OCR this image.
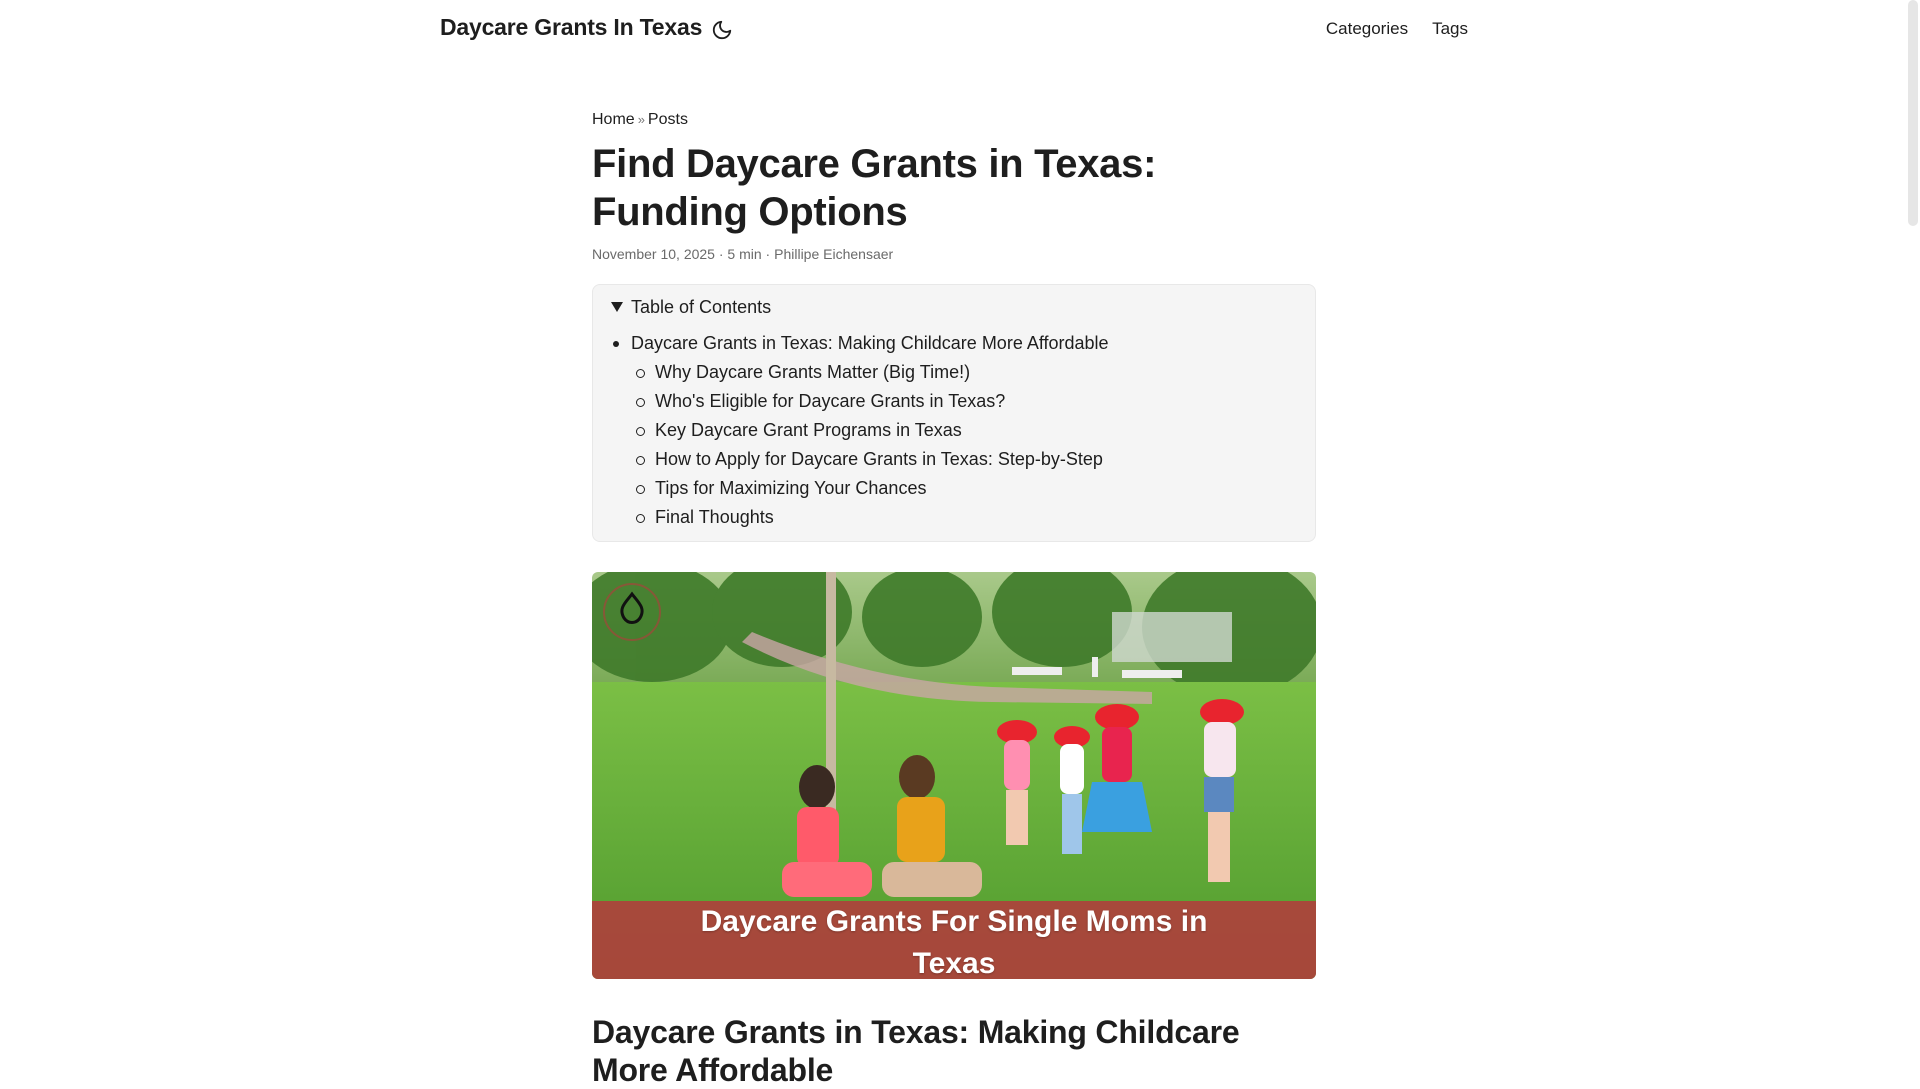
Daycare Grants In Texas	Categories Tags
Home » Posts
Find Daycare Grants in Texas: Funding Options
November 10, 2025 · 5 min · Phillipe Eichensaer
Table of Contents
Daycare Grants in Texas: Making Childcare More Affordable
Why Daycare Grants Matter (Big Time!)
Who's Eligible for Daycare Grants in Texas?
Key Daycare Grant Programs in Texas
How to Apply for Daycare Grants in Texas: Step-by-Step
Tips for Maximizing Your Chances
Final Thoughts
Daycare Grants For Single Moms in
Texas
Daycare Grants in Texas: Making Childcare More Affordable
